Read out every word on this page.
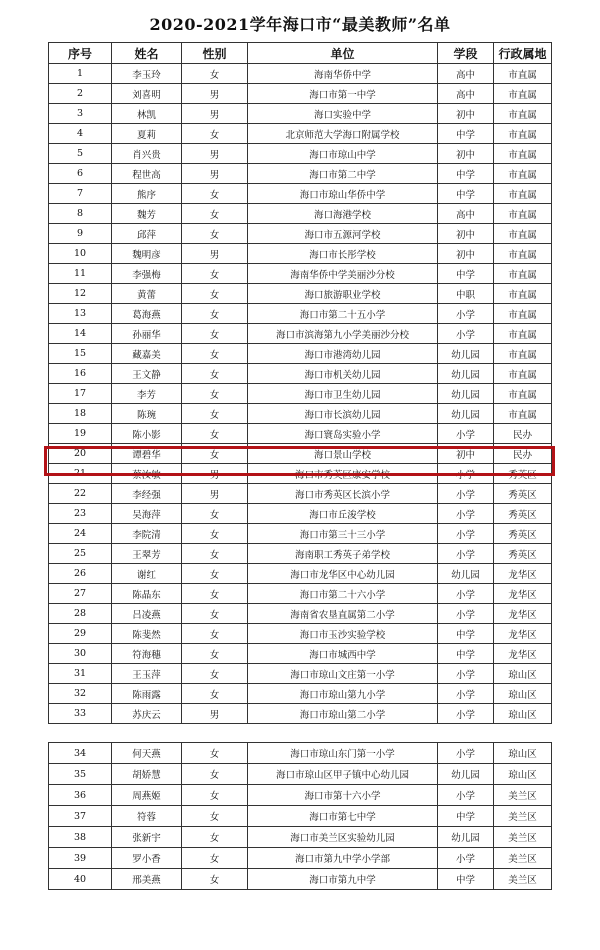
2020-2021学年海口市“最美教师”名单
序号	姓名	性别	单位	学段	行政属地
1	李玉玲	女	海南华侨中学	高中	市直属
2	刘喜明	男	海口市第一中学	高中	市直属
3	林凯	男	海口实验中学	初中	市直属
4	夏莉	女	北京师范大学海口附属学校	中学	市直属
5	肖兴贵	男	海口市琼山中学	初中	市直属
6	程世高	男	海口市第二中学	中学	市直属
7	熊序	女	海口市琼山华侨中学	中学	市直属
8	魏芳	女	海口海港学校	高中	市直属
9	邱萍	女	海口市五源河学校	初中	市直属
10	魏明彦	男	海口市长彤学校	初中	市直属
11	李强梅	女	海南华侨中学美丽沙分校	中学	市直属
12	黄蕾	女	海口旅游职业学校	中职	市直属
13	葛海燕	女	海口市第二十五小学	小学	市直属
14	孙丽华	女	海口市滨海第九小学美丽沙分校	小学	市直属
15	藏嘉美	女	海口市港湾幼儿园	幼儿园	市直属
16	王文静	女	海口市机关幼儿园	幼儿园	市直属
17	李芳	女	海口市卫生幼儿园	幼儿园	市直属
18	陈琬	女	海口市长滨幼儿园	幼儿园	市直属
19	陈小影	女	海口寰岛实验小学	小学	民办
20	谭碧华	女	海口景山学校	初中	民办
21	蔡汝敏	男	海口市秀英区康安学校	小学	秀英区
22	李经强	男	海口市秀英区长滨小学	小学	秀英区
23	吴海萍	女	海口市丘浚学校	小学	秀英区
24	李院清	女	海口市第三十三小学	小学	秀英区
25	王翠芳	女	海南职工秀英子弟学校	小学	秀英区
26	谢红	女	海口市龙华区中心幼儿园	幼儿园	龙华区
27	陈晶东	女	海口市第二十六小学	小学	龙华区
28	吕凌燕	女	海南省农垦直属第二小学	小学	龙华区
29	陈斐然	女	海口市玉沙实验学校	中学	龙华区
30	符海穗	女	海口市城西中学	中学	龙华区
31	王玉萍	女	海口市琼山文庄第一小学	小学	琼山区
32	陈雨露	女	海口市琼山第九小学	小学	琼山区
33	苏庆云	男	海口市琼山第二小学	小学	琼山区
34	何天燕	女	海口市琼山东门第一小学	小学	琼山区
35	胡娇慧	女	海口市琼山区甲子镇中心幼儿园	幼儿园	琼山区
36	周燕姬	女	海口市第十六小学	小学	美兰区
37	符蓉	女	海口市第七中学	中学	美兰区
38	张新宇	女	海口市美兰区实验幼儿园	幼儿园	美兰区
39	罗小香	女	海口市第九中学小学部	小学	美兰区
40	邢美燕	女	海口市第九中学	中学	美兰区
